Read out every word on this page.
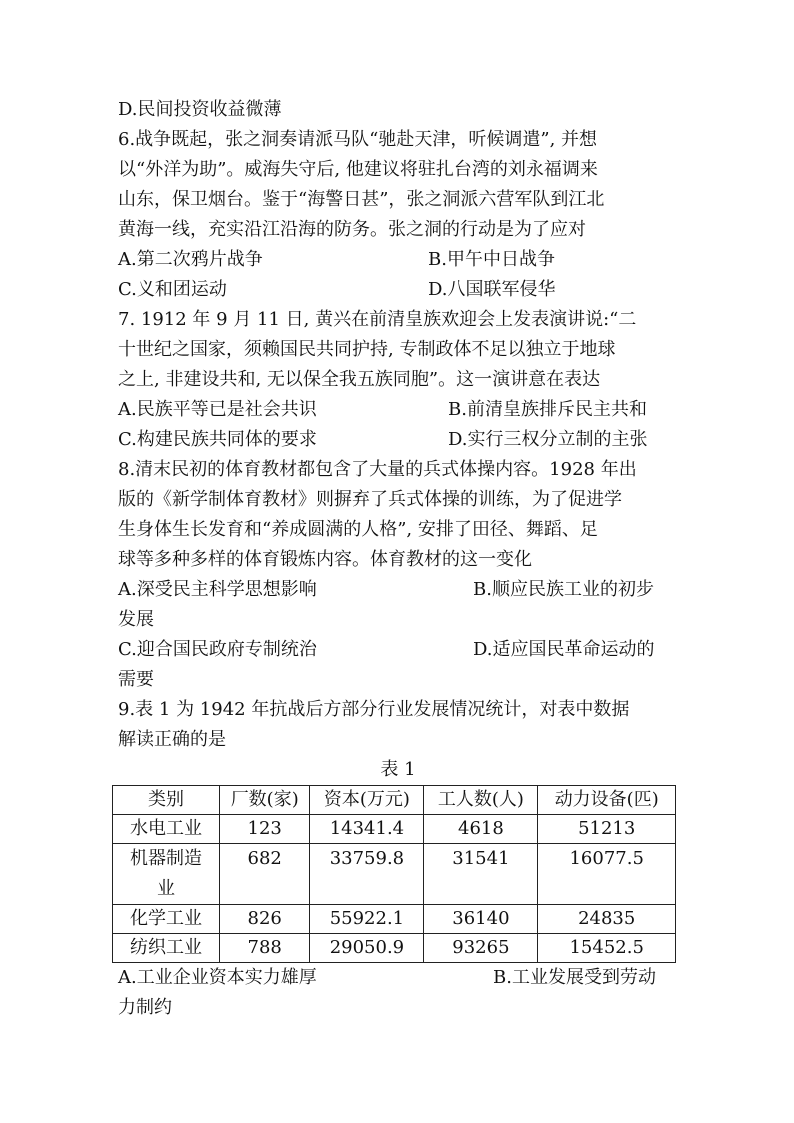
D.民间投资收益微薄
6.战争既起，张之洞奏请派马队“驰赴天津，听候调遣”, 并想
以“外洋为助”。威海失守后, 他建议将驻扎台湾的刘永福调来
山东，保卫烟台。鉴于“海警日甚”，张之洞派六营军队到江北
黄海一线，充实沿江沿海的防务。张之洞的行动是为了应对
A.第二次鸦片战争	B.甲午中日战争
C.义和团运动	D.八国联军侵华
7. 1912 年 9 月 11 日, 黄兴在前清皇族欢迎会上发表演讲说:“二
十世纪之国家，须赖国民共同护持, 专制政体不足以独立于地球
之上, 非建设共和, 无以保全我五族同胞”。这一演讲意在表达
A.民族平等已是社会共识	B.前清皇族排斥民主共和
C.构建民族共同体的要求	D.实行三权分立制的主张
8.清末民初的体育教材都包含了大量的兵式体操内容。1928 年出
版的《新学制体育教材》则摒弃了兵式体操的训练，为了促进学
生身体生长发育和“养成圆满的人格”, 安排了田径、舞蹈、足
球等多种多样的体育锻炼内容。体育教材的这一变化
A.深受民主科学思想影响	B.顺应民族工业的初步
发展
C.迎合国民政府专制统治	D.适应国民革命运动的
需要
9.表 1 为 1942 年抗战后方部分行业发展情况统计，对表中数据
解读正确的是
表 1
类别	厂数(家)	资本(万元)	工人数(人)	动力设备(匹)
水电工业	123	14341.4	4618	51213

机器制造
业	682	33759.8	31541	16077.5
化学工业	826	55922.1	36140	24835
纺织工业	788	29050.9	93265	15452.5
A.工业企业资本实力雄厚	B.工业发展受到劳动
力制约
